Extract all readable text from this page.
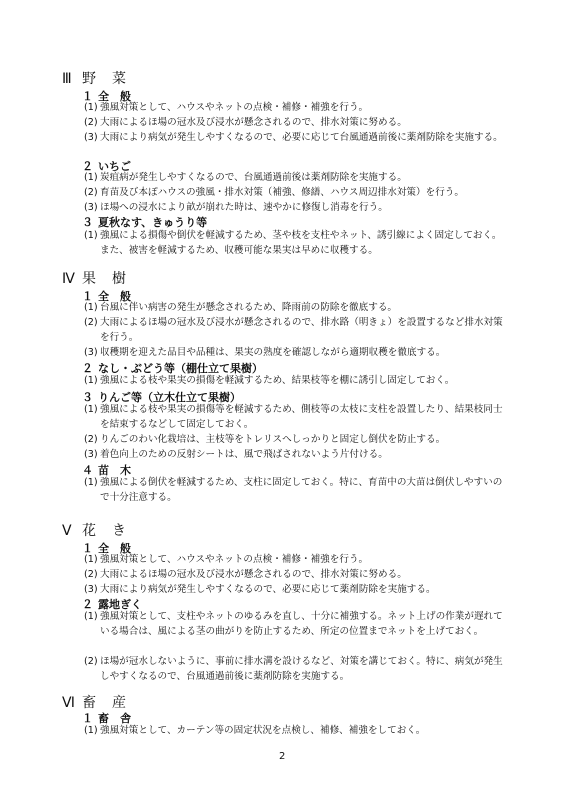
Ⅲ 野　菜
１ 全　般
(1) 強風対策として、ハウスやネットの点検・補修・補強を行う。
(2) 大雨によるほ場の冠水及び浸水が懸念されるので、排水対策に努める。
(3) 大雨により病気が発生しやすくなるので、必要に応じて台風通過前後に薬剤防除を実施する。
２ いちご
(1) 炭疽病が発生しやすくなるので、台風通過前後は薬剤防除を実施する。
(2) 育苗及び本ぽハウスの強風・排水対策（補強、修繕、ハウス周辺排水対策）を行う。
(3) ほ場への浸水により畝が崩れた時は、速やかに修復し消毒を行う。
３ 夏秋なす、きゅうり等
(1) 強風による損傷や倒伏を軽減するため、茎や枝を支柱やネット、誘引線によく固定しておく。また、被害を軽減するため、収穫可能な果実は早めに収穫する。
Ⅳ 果　樹
１ 全　般
(1) 台風に伴い病害の発生が懸念されるため、降雨前の防除を徹底する。
(2) 大雨によるほ場の冠水及び浸水が懸念されるので、排水路（明きょ）を設置するなど排水対策を行う。
(3) 収穫期を迎えた品目や品種は、果実の熟度を確認しながら適期収穫を徹底する。
２ なし・ぶどう等（棚仕立て果樹）
(1) 強風による枝や果実の損傷を軽減するため、結果枝等を棚に誘引し固定しておく。
３ りんご等（立木仕立て果樹）
(1) 強風による枝や果実の損傷等を軽減するため、側枝等の太枝に支柱を設置したり、結果枝同士を結束するなどして固定しておく。
(2) りんごのわい化栽培は、主枝等をトレリスへしっかりと固定し倒伏を防止する。
(3) 着色向上のための反射シートは、風で飛ばされないよう片付ける。
４ 苗　木
(1) 強風による倒伏を軽減するため、支柱に固定しておく。特に、育苗中の大苗は倒伏しやすいので十分注意する。
Ⅴ 花　き
１ 全　般
(1) 強風対策として、ハウスやネットの点検・補修・補強を行う。
(2) 大雨によるほ場の冠水及び浸水が懸念されるので、排水対策に努める。
(3) 大雨により病気が発生しやすくなるので、必要に応じて薬剤防除を実施する。
２ 露地ぎく
(1) 強風対策として、支柱やネットのゆるみを直し、十分に補強する。ネット上げの作業が遅れている場合は、風による茎の曲がりを防止するため、所定の位置までネットを上げておく。
(2) ほ場が冠水しないように、事前に排水溝を設けるなど、対策を講じておく。特に、病気が発生しやすくなるので、台風通過前後に薬剤防除を実施する。
Ⅵ 畜　産
１ 畜　舎
(1) 強風対策として、カーテン等の固定状況を点検し、補修、補強をしておく。
2
